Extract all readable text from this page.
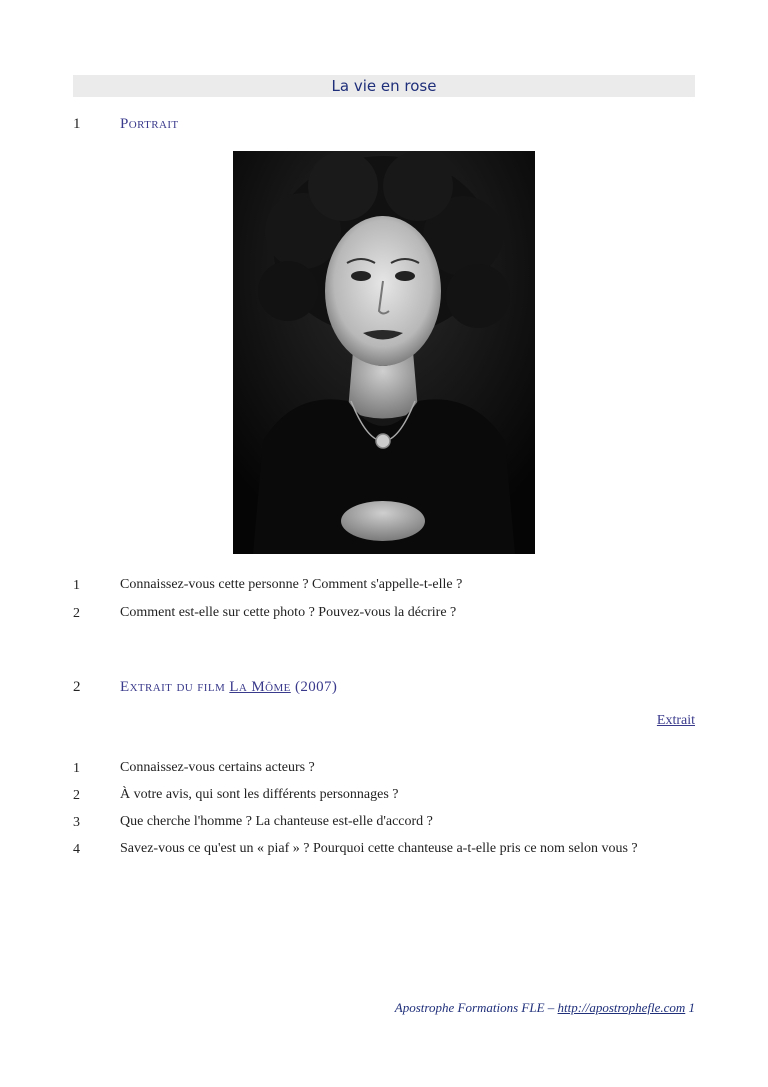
La vie en rose
1	Portrait
1	Connaissez-vous cette personne ? Comment s'appelle-t-elle ?
2	Comment est-elle sur cette photo ? Pouvez-vous la décrire ?
2	Extrait du film La Môme (2007)
Extrait
1	Connaissez-vous certains acteurs ?
2	À votre avis, qui sont les différents personnages ?
3	Que cherche l'homme ? La chanteuse est-elle d'accord ?
4	Savez-vous ce qu'est un « piaf » ? Pourquoi cette chanteuse a-t-elle pris ce nom selon vous ?
Apostrophe Formations FLE – http://apostrophefle.com 1
